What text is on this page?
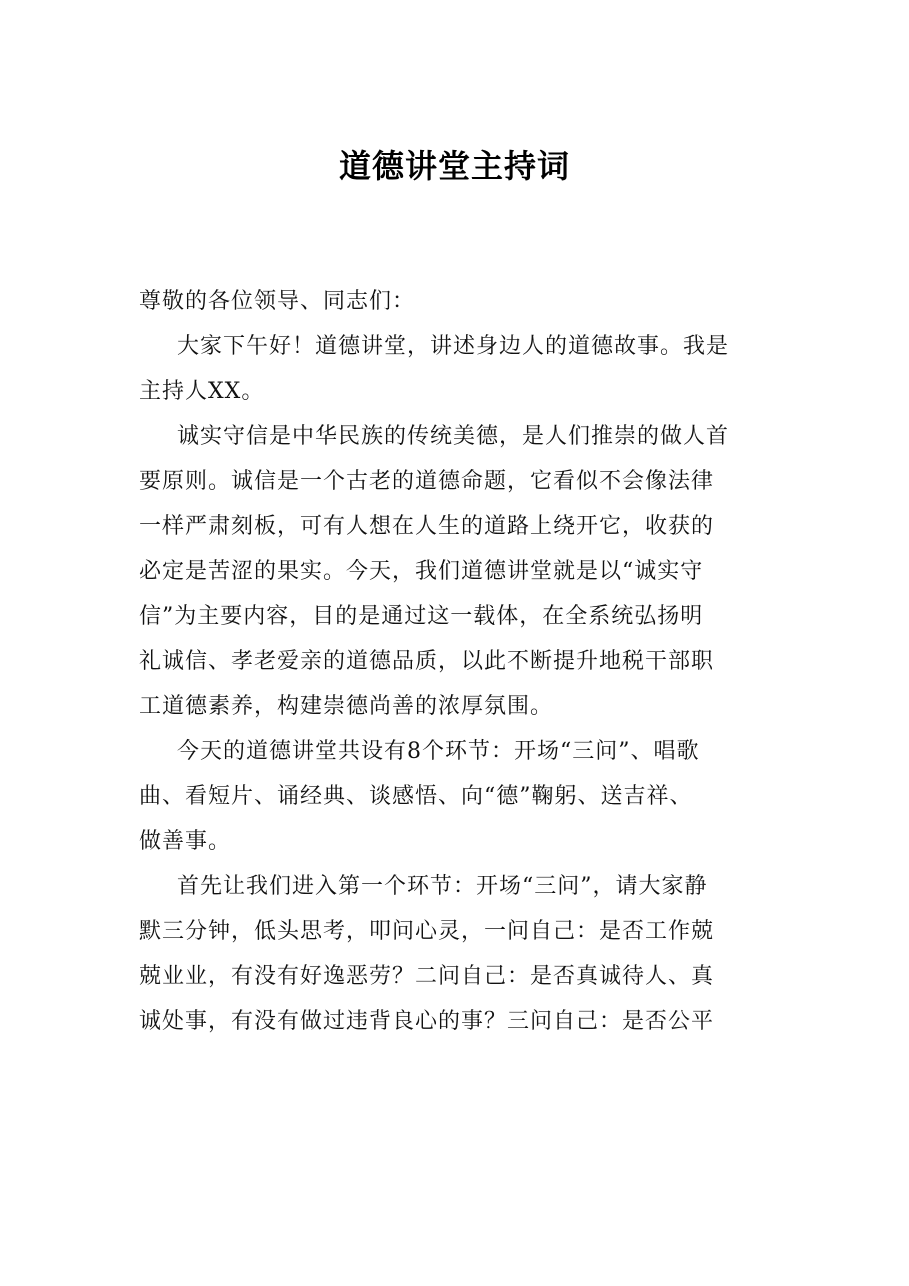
道德讲堂主持词
尊敬的各位领导、同志们：
大家下午好！道德讲堂，讲述身边人的道德故事。我是
主持人XX。
诚实守信是中华民族的传统美德，是人们推崇的做人首
要原则。诚信是一个古老的道德命题，它看似不会像法律
一样严肃刻板，可有人想在人生的道路上绕开它，收获的
必定是苦涩的果实。今天，我们道德讲堂就是以“诚实守
信”为主要内容，目的是通过这一载体，在全系统弘扬明
礼诚信、孝老爱亲的道德品质，以此不断提升地税干部职
工道德素养，构建崇德尚善的浓厚氛围。
今天的道德讲堂共设有8个环节：开场“三问”、唱歌
曲、看短片、诵经典、谈感悟、向“德”鞠躬、送吉祥、
做善事。
首先让我们进入第一个环节：开场“三问”，请大家静
默三分钟，低头思考，叩问心灵，一问自己：是否工作兢
兢业业，有没有好逸恶劳？二问自己：是否真诚待人、真
诚处事，有没有做过违背良心的事？三问自己：是否公平
